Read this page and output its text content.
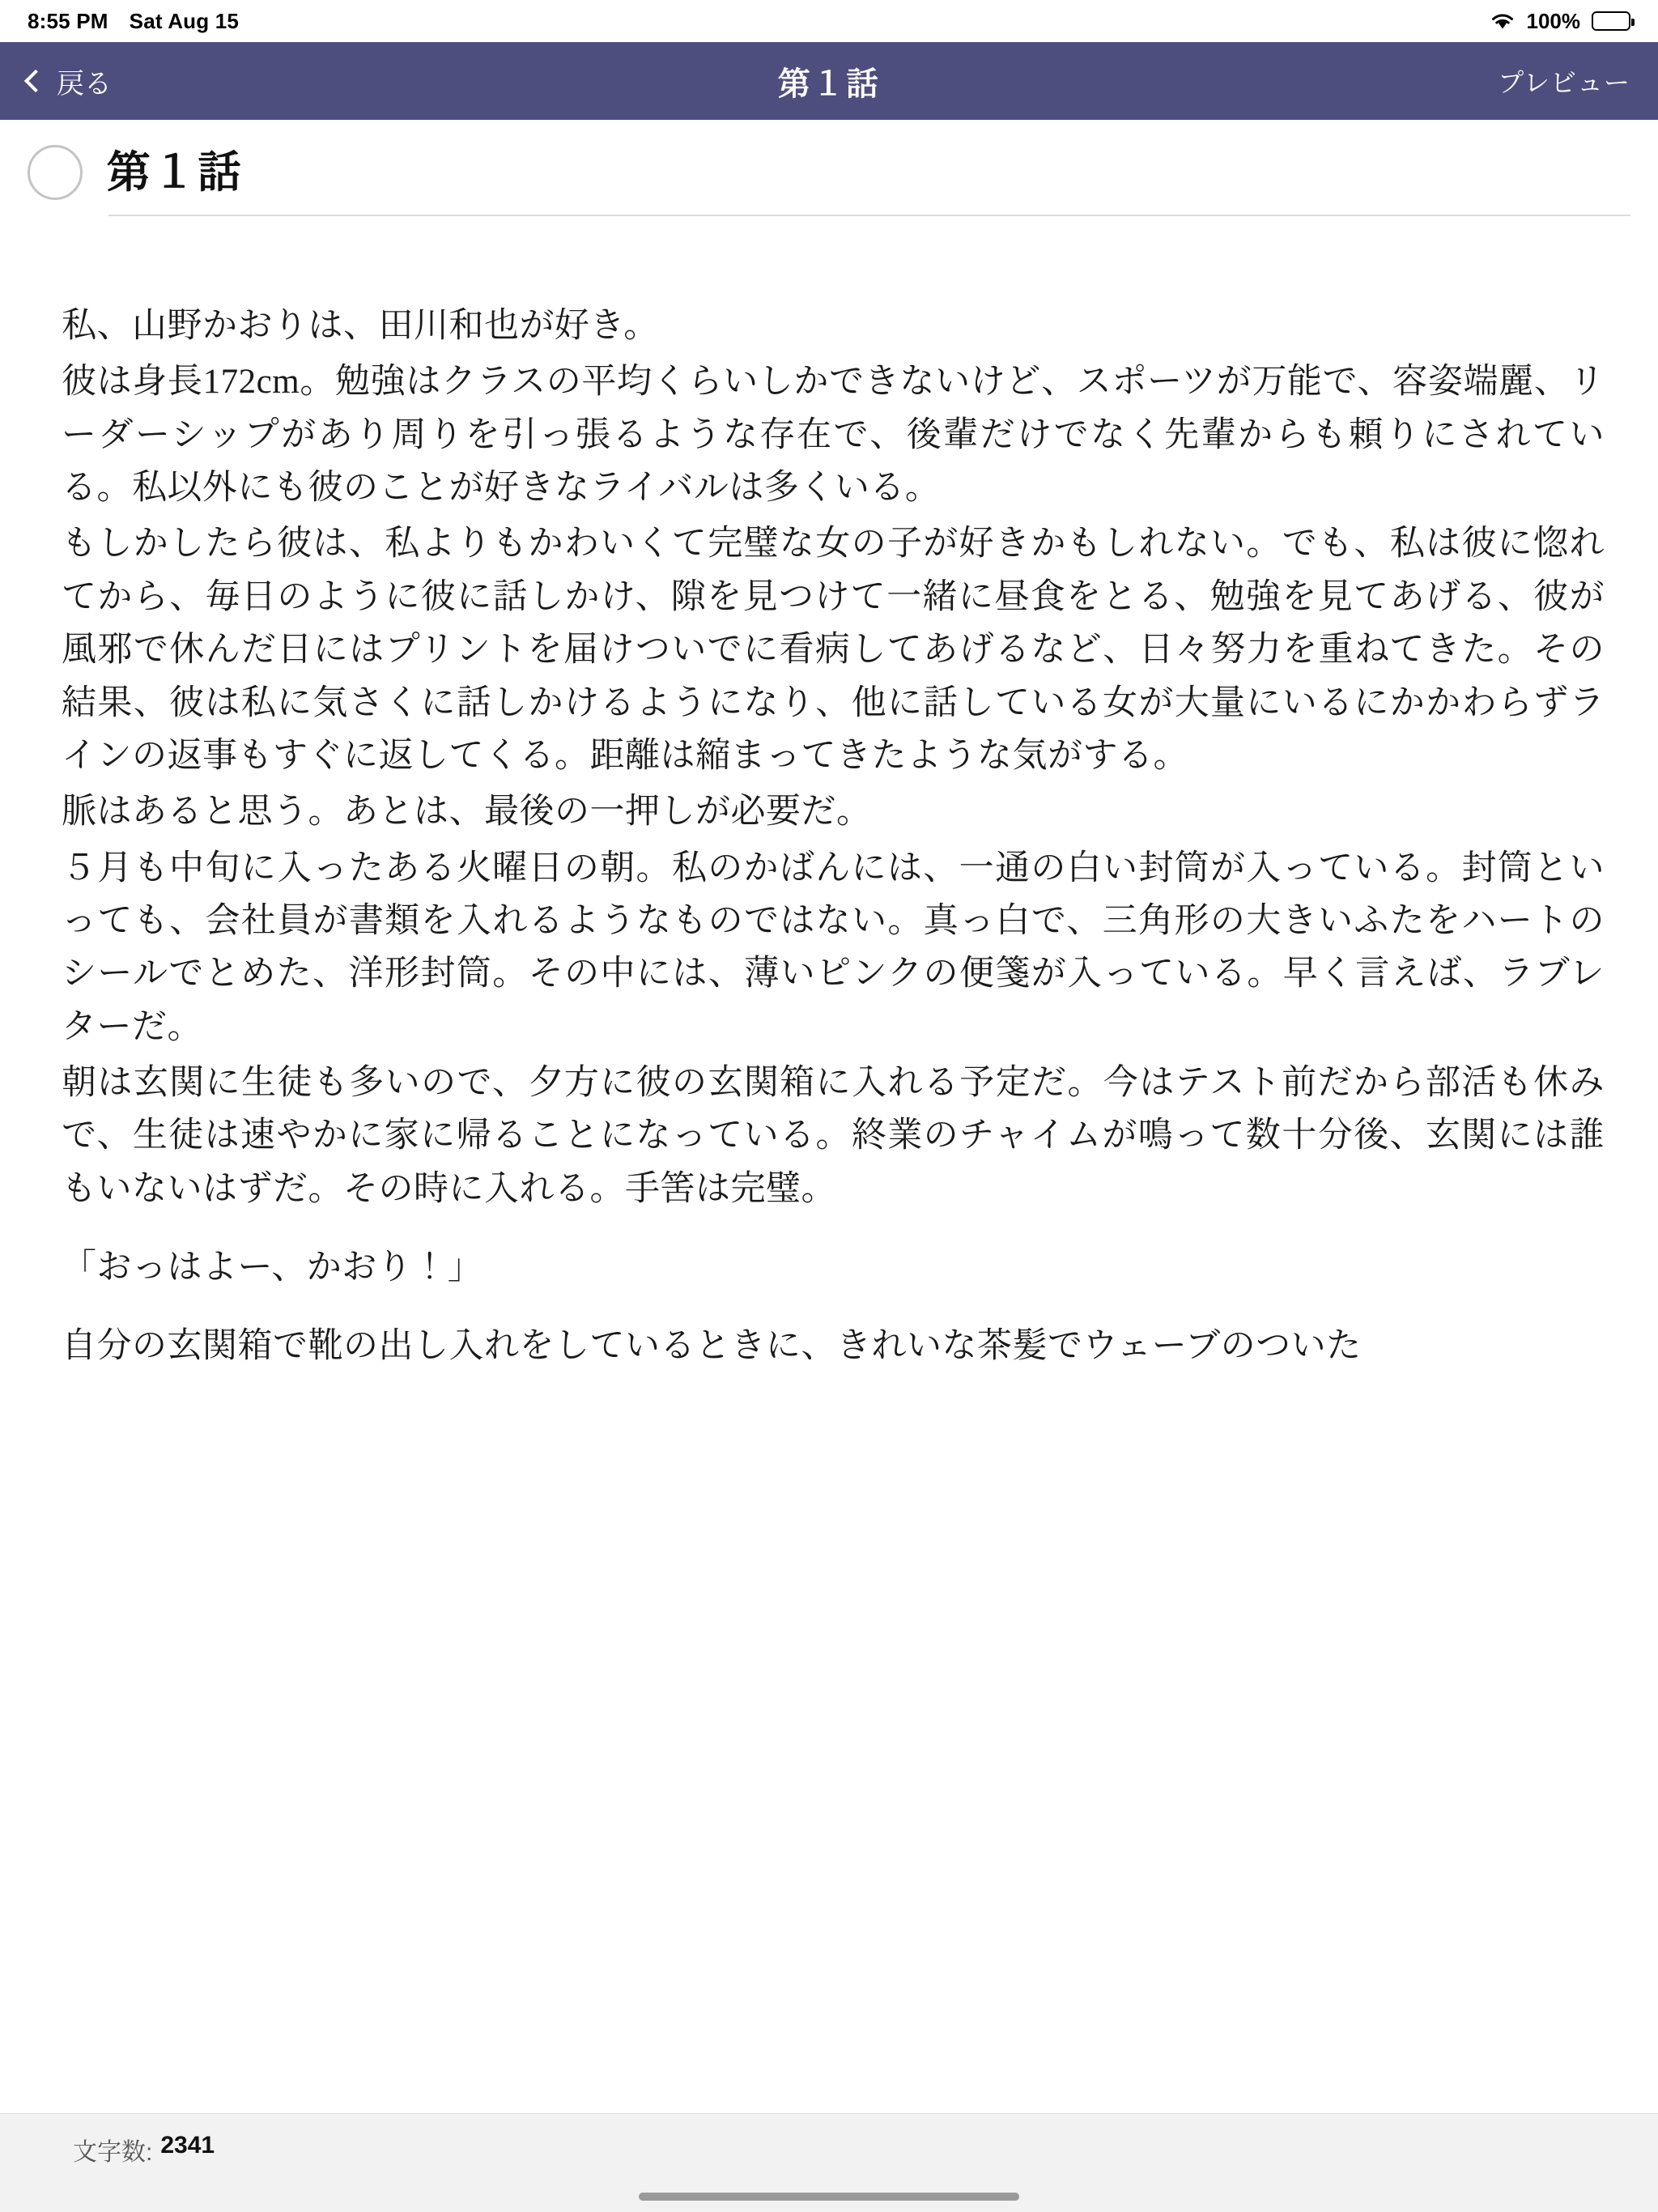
8:55 PM Sat Aug 15	100%
戻る	第１話	プレビュー
第１話

私、山野かおりは、田川和也が好き。

彼は身長172cm。勉強はクラスの平均くらいしかできないけど、スポーツが万能で、容姿端麗、リーダーシップがあり周りを引っ張るような存在で、後輩だけでなく先輩からも頼りにされている。私以外にも彼のことが好きなライバルは多くいる。

もしかしたら彼は、私よりもかわいくて完璧な女の子が好きかもしれない。でも、私は彼に惚れてから、毎日のように彼に話しかけ、隙を見つけて一緒に昼食をとる、勉強を見てあげる、彼が風邪で休んだ日にはプリントを届けついでに看病してあげるなど、日々努力を重ねてきた。その結果、彼は私に気さくに話しかけるようになり、他に話している女が大量にいるにかかわらずラインの返事もすぐに返してくる。距離は縮まってきたような気がする。

脈はあると思う。あとは、最後の一押しが必要だ。

５月も中旬に入ったある火曜日の朝。私のかばんには、一通の白い封筒が入っている。封筒といっても、会社員が書類を入れるようなものではない。真っ白で、三角形の大きいふたをハートのシールでとめた、洋形封筒。その中には、薄いピンクの便箋が入っている。早く言えば、ラブレターだ。

朝は玄関に生徒も多いので、夕方に彼の玄関箱に入れる予定だ。今はテスト前だから部活も休みで、生徒は速やかに家に帰ることになっている。終業のチャイムが鳴って数十分後、玄関には誰もいないはずだ。その時に入れる。手筈は完璧。

「おっはよー、かおり！」

自分の玄関箱で靴の出し入れをしているときに、きれいな茶髪でウェーブのついた

文字数: 2341
